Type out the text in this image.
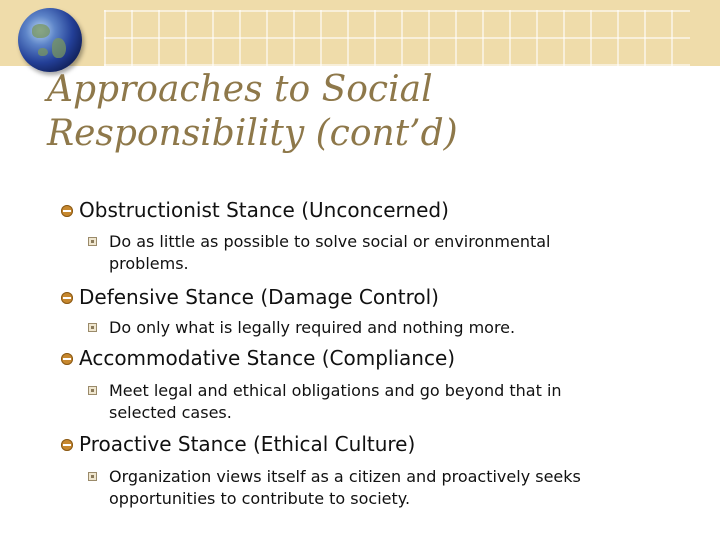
Approaches to Social
Responsibility (cont’d)
Obstructionist Stance (Unconcerned)
Do as little as possible to solve social or environmental problems.
Defensive Stance (Damage Control)
Do only what is legally required and nothing more.
Accommodative Stance (Compliance)
Meet legal and ethical obligations and go beyond that in selected cases.
Proactive Stance (Ethical Culture)
Organization views itself as a citizen and proactively seeks opportunities to contribute to society.
